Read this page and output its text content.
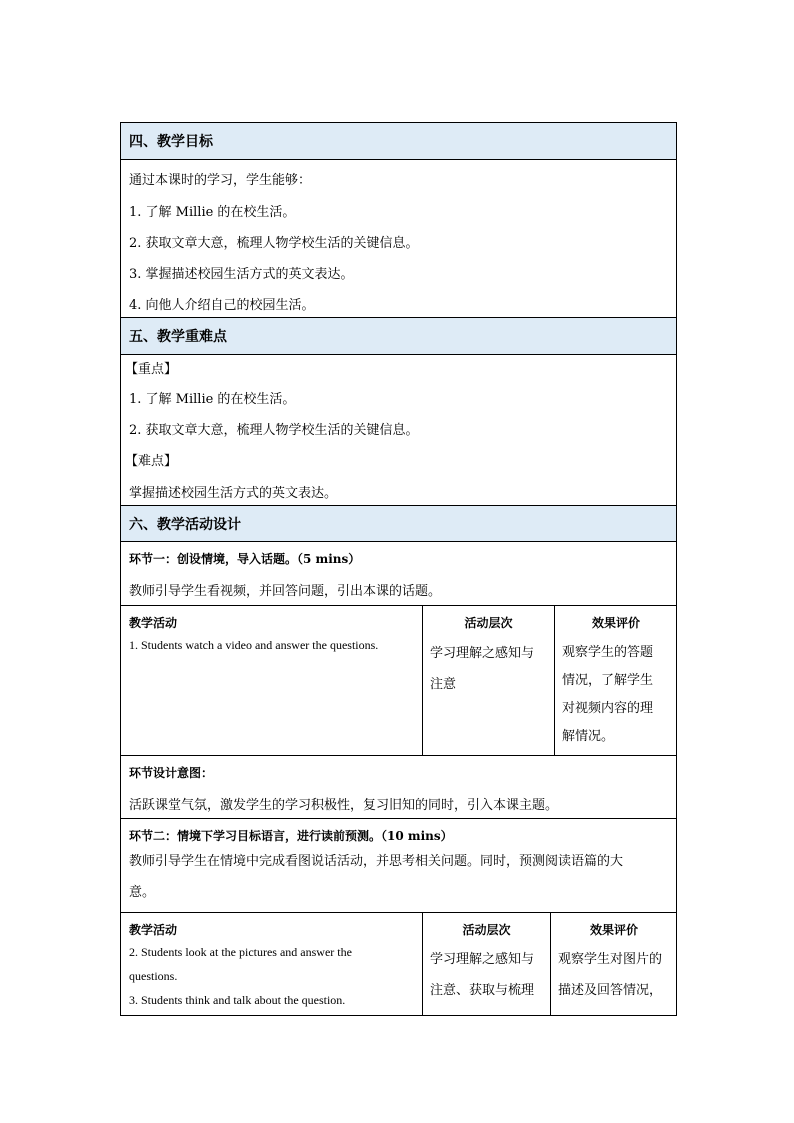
四、教学目标
通过本课时的学习，学生能够：
1. 了解 Millie 的在校生活。
2. 获取文章大意，梳理人物学校生活的关键信息。
3. 掌握描述校园生活方式的英文表达。
4. 向他人介绍自己的校园生活。
五、教学重难点
【重点】
1. 了解 Millie 的在校生活。
2. 获取文章大意，梳理人物学校生活的关键信息。
【难点】
掌握描述校园生活方式的英文表达。
六、教学活动设计
环节一：创设情境，导入话题。（5 mins）
教师引导学生看视频，并回答问题，引出本课的话题。
教学活动
1. Students watch a video and answer the questions.
活动层次
学习理解之感知与
注意
效果评价
观察学生的答题
情况，了解学生
对视频内容的理
解情况。
环节设计意图：
活跃课堂气氛，激发学生的学习积极性，复习旧知的同时，引入本课主题。
环节二：情境下学习目标语言，进行读前预测。（10 mins）
教师引导学生在情境中完成看图说话活动，并思考相关问题。同时，预测阅读语篇的大
意。
教学活动
2. Students look at the pictures and answer the
questions.
3. Students think and talk about the question.
活动层次
学习理解之感知与
注意、获取与梳理
效果评价
观察学生对图片的
描述及回答情况，
